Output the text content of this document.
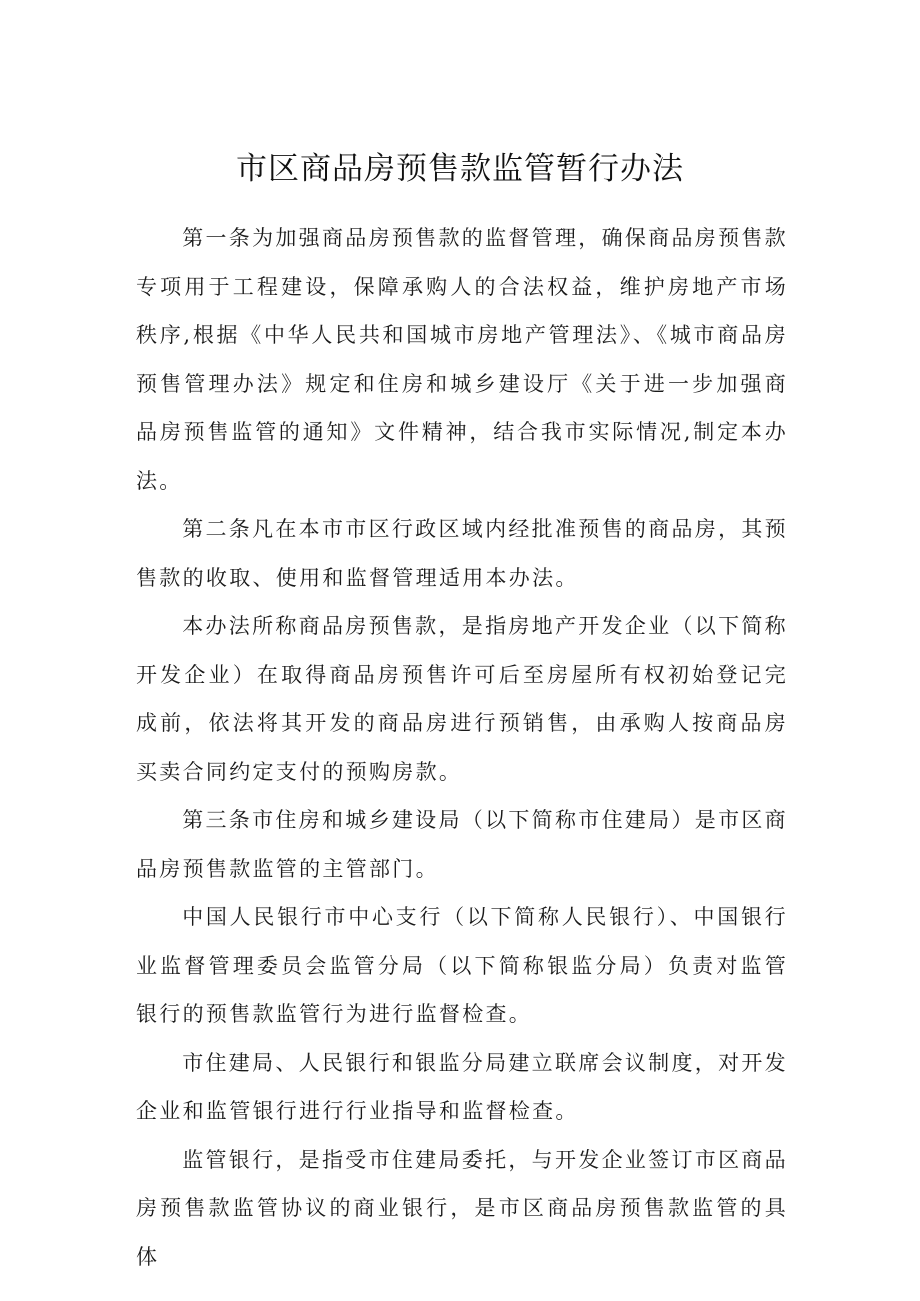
市区商品房预售款监管暂行办法

第一条为加强商品房预售款的监督管理，确保商品房预售款专项用于工程建设，保障承购人的合法权益，维护房地产市场秩序,根据《中华人民共和国城市房地产管理法》、《城市商品房预售管理办法》规定和住房和城乡建设厅《关于进一步加强商品房预售监管的通知》文件精神，结合我市实际情况,制定本办法。

第二条凡在本市市区行政区域内经批准预售的商品房，其预售款的收取、使用和监督管理适用本办法。

本办法所称商品房预售款，是指房地产开发企业（以下简称开发企业）在取得商品房预售许可后至房屋所有权初始登记完成前，依法将其开发的商品房进行预销售，由承购人按商品房买卖合同约定支付的预购房款。

第三条市住房和城乡建设局（以下简称市住建局）是市区商品房预售款监管的主管部门。

中国人民银行市中心支行（以下简称人民银行）、中国银行业监督管理委员会监管分局（以下简称银监分局）负责对监管银行的预售款监管行为进行监督检查。

市住建局、人民银行和银监分局建立联席会议制度，对开发企业和监管银行进行行业指导和监督检查。

监管银行，是指受市住建局委托，与开发企业签订市区商品房预售款监管协议的商业银行，是市区商品房预售款监管的具体
